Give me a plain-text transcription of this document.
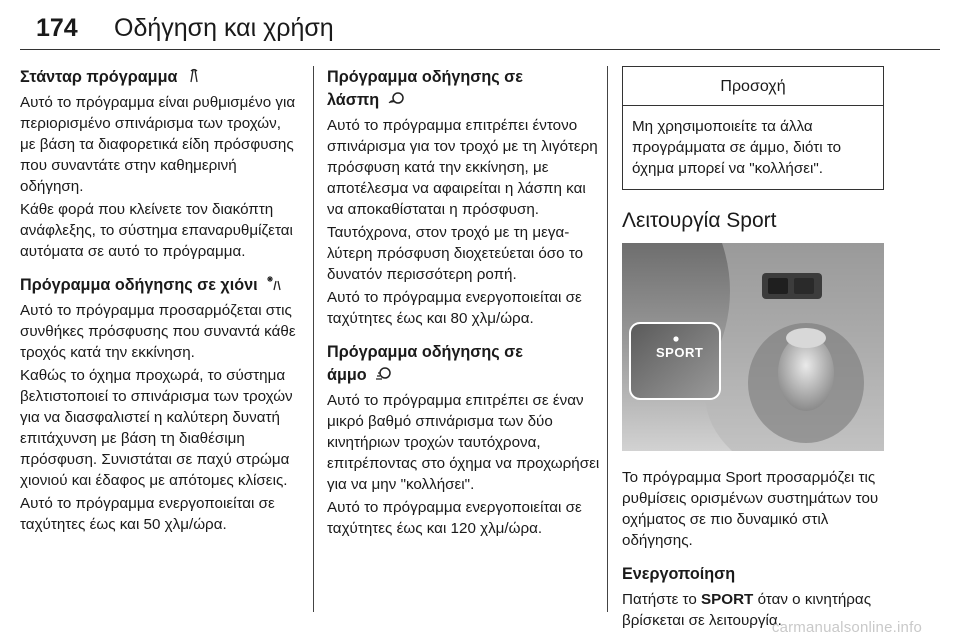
174	Οδήγηση και χρήση
Στάνταρ πρόγραμμα

Αυτό το πρόγραμμα είναι ρυθμισμένο για περιορισμένο σπινάρισμα των τροχών, με βάση τα διαφορετικά είδη πρόσφυσης που συναντάτε στην καθημερινή οδήγηση.

Κάθε φορά που κλείνετε τον διακόπτη ανάφλεξης, το σύστημα επαναρυθμίζεται αυτόματα σε αυτό το πρόγραμμα.

Πρόγραμμα οδήγησης σε χιόνι

Αυτό το πρόγραμμα προσαρμόζεται στις συνθήκες πρόσφυσης που συναντά κάθε τροχός κατά την εκκίνηση.

Καθώς το όχημα προχωρά, το σύστημα βελτιστοποιεί το σπινάρισμα των τροχών για να διασφαλιστεί η καλύτερη δυνατή επιτάχυνση με βάση τη διαθέσιμη πρόσφυση. Συνιστάται σε παχύ στρώμα χιονιού και έδαφος με απότομες κλίσεις.

Αυτό το πρόγραμμα ενεργοποιείται σε ταχύτητες έως και 50 χλμ/ώρα.

Πρόγραμμα οδήγησης σε
λάσπη

Αυτό το πρόγραμμα επιτρέπει έντονο σπινάρισμα για τον τροχό με τη λιγότερη πρόσφυση κατά την εκκίνηση, με αποτέλεσμα να αφαιρείται η λάσπη και να αποκαθίσταται η πρόσφυση.

Ταυτόχρονα, στον τροχό με τη μεγαλύτερη πρόσφυση διοχετεύεται όσο το δυνατόν περισσότερη ροπή.

Αυτό το πρόγραμμα ενεργοποιείται σε ταχύτητες έως και 80 χλμ/ώρα.

Πρόγραμμα οδήγησης σε
άμμο

Αυτό το πρόγραμμα επιτρέπει σε έναν μικρό βαθμό σπινάρισμα των δύο κινητήριων τροχών ταυτόχρονα, επιτρέποντας στο όχημα να προχωρήσει για να μην "κολλήσει".

Αυτό το πρόγραμμα ενεργοποιείται σε ταχύτητες έως και 120 χλμ/ώρα.

Προσοχή
Μη χρησιμοποιείτε τα άλλα προγράμματα σε άμμο, διότι το όχημα μπορεί να "κολλήσει".
Λειτουργία Sport

Το πρόγραμμα Sport προσαρμόζει τις ρυθμίσεις ορισμένων συστημάτων του οχήματος σε πιο δυναμικό στιλ οδήγησης.

Ενεργοποίηση

Πατήστε το SPORT όταν ο κινητήρας βρίσκεται σε λειτουργία.

SPORT
carmanualsonline.info
